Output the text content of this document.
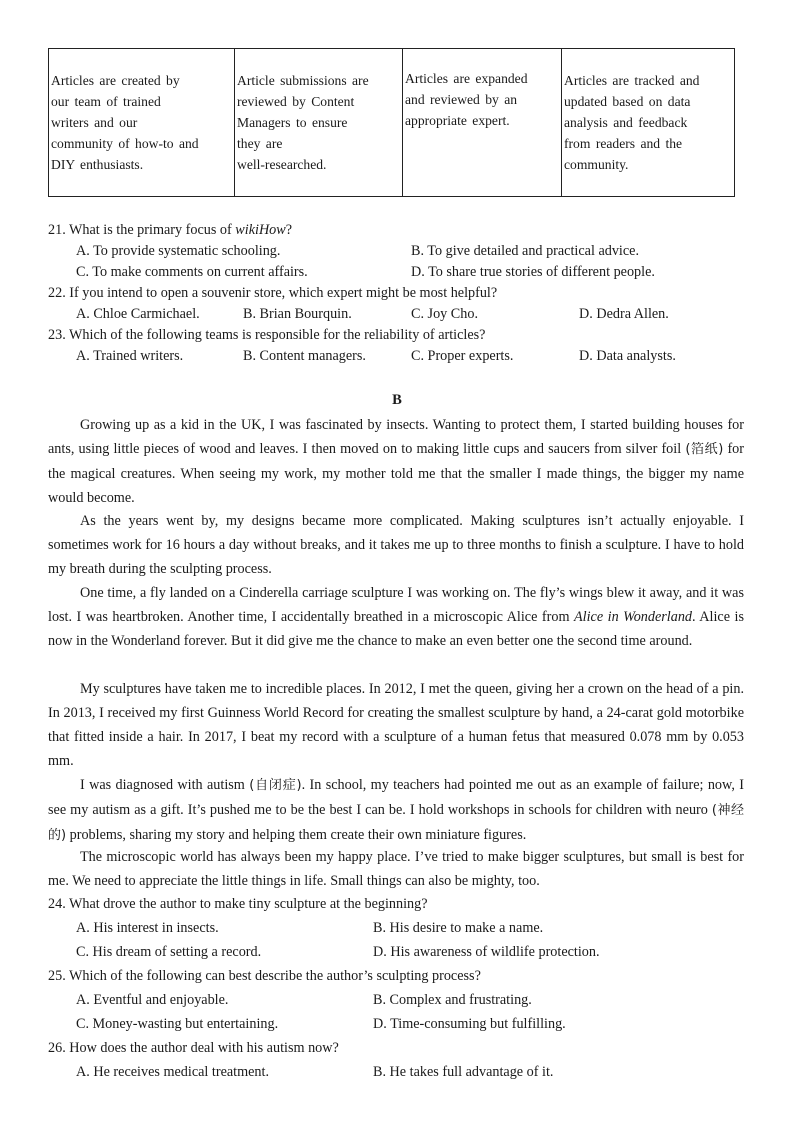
Articles are created by
our team of trained
writers and our
community of how-to and
DIY enthusiasts.

Article submissions are
reviewed by Content
Managers to ensure
they are
well-researched.

Articles are expanded
and reviewed by an
appropriate expert.

Articles are tracked and
updated based on data
analysis and feedback
from readers and the
community.
21. What is the primary focus of wikiHow?
A. To provide systematic schooling.	B. To give detailed and practical advice.
C. To make comments on current affairs.	D. To share true stories of different people.
22. If you intend to open a souvenir store, which expert might be most helpful?
A. Chloe Carmichael.	B. Brian Bourquin.	C. Joy Cho.	D. Dedra Allen.
23. Which of the following teams is responsible for the reliability of articles?
A. Trained writers.	B. Content managers.	C. Proper experts.	D. Data analysts.
B
Growing up as a kid in the UK, I was fascinated by insects. Wanting to protect them, I started building houses for ants, using little pieces of wood and leaves. I then moved on to making little cups and saucers from silver foil (箔纸) for the magical creatures. When seeing my work, my mother told me that the smaller I made things, the bigger my name would become.
As the years went by, my designs became more complicated. Making sculptures isn’t actually enjoyable. I sometimes work for 16 hours a day without breaks, and it takes me up to three months to finish a sculpture. I have to hold my breath during the sculpting process.
One time, a fly landed on a Cinderella carriage sculpture I was working on. The fly’s wings blew it away, and it was lost. I was heartbroken. Another time, I accidentally breathed in a microscopic Alice from Alice in Wonderland. Alice is now in the Wonderland forever. But it did give me the chance to make an even better one the second time around.
My sculptures have taken me to incredible places. In 2012, I met the queen, giving her a crown on the head of a pin. In 2013, I received my first Guinness World Record for creating the smallest sculpture by hand, a 24-carat gold motorbike that fitted inside a hair. In 2017, I beat my record with a sculpture of a human fetus that measured 0.078 mm by 0.053 mm.
I was diagnosed with autism (自闭症). In school, my teachers had pointed me out as an example of failure; now, I see my autism as a gift. It’s pushed me to be the best I can be. I hold workshops in schools for children with neuro (神经的) problems, sharing my story and helping them create their own miniature figures.
The microscopic world has always been my happy place. I’ve tried to make bigger sculptures, but small is best for me. We need to appreciate the little things in life. Small things can also be mighty, too.
24. What drove the author to make tiny sculpture at the beginning?
A. His interest in insects.	B. His desire to make a name.
C. His dream of setting a record.	D. His awareness of wildlife protection.
25. Which of the following can best describe the author’s sculpting process?
A. Eventful and enjoyable.	B. Complex and frustrating.
C. Money-wasting but entertaining.	D. Time-consuming but fulfilling.
26. How does the author deal with his autism now?
A. He receives medical treatment.	B. He takes full advantage of it.
